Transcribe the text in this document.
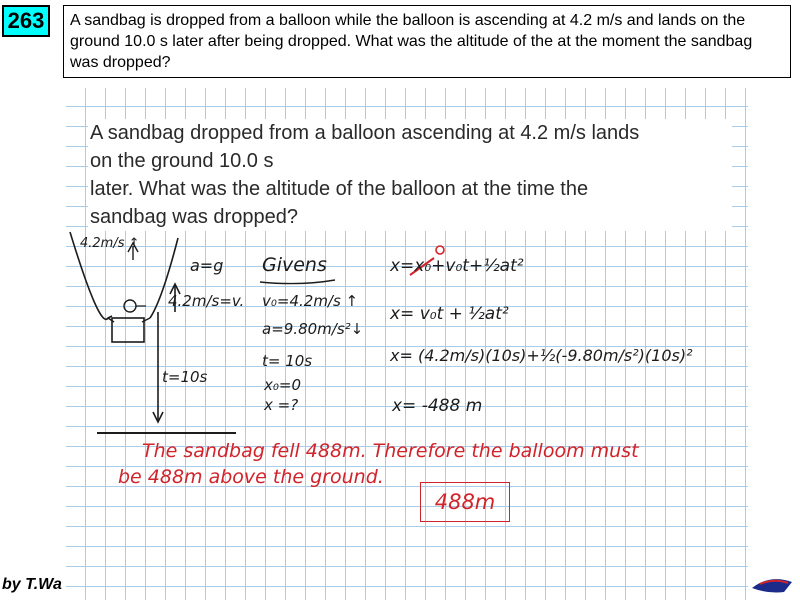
263	A sandbag is dropped from a balloon while the balloon is ascending at 4.2 m/s and lands on the ground 10.0 s later after being dropped. What was the altitude of the at the moment the sandbag was dropped?
A sandbag dropped from a balloon ascending at 4.2 m/s lands
on the ground 10.0 s
later. What was the altitude of the balloon at the time the
sandbag was dropped?
4.2m/s ↑
a=g
4.2m/s=v.
t=10s
Givens
v₀=4.2m/s ↑
a=9.80m/s²↓
t= 10s
x₀=0
x =?
x=x₀+v₀t+½at²
x= v₀t + ½at²
x= (4.2m/s)(10s)+½(-9.80m/s²)(10s)²
x= -488 m
The sandbag fell 488m. Therefore the balloom must
be 488m above the ground.
488m
by T.Wa
